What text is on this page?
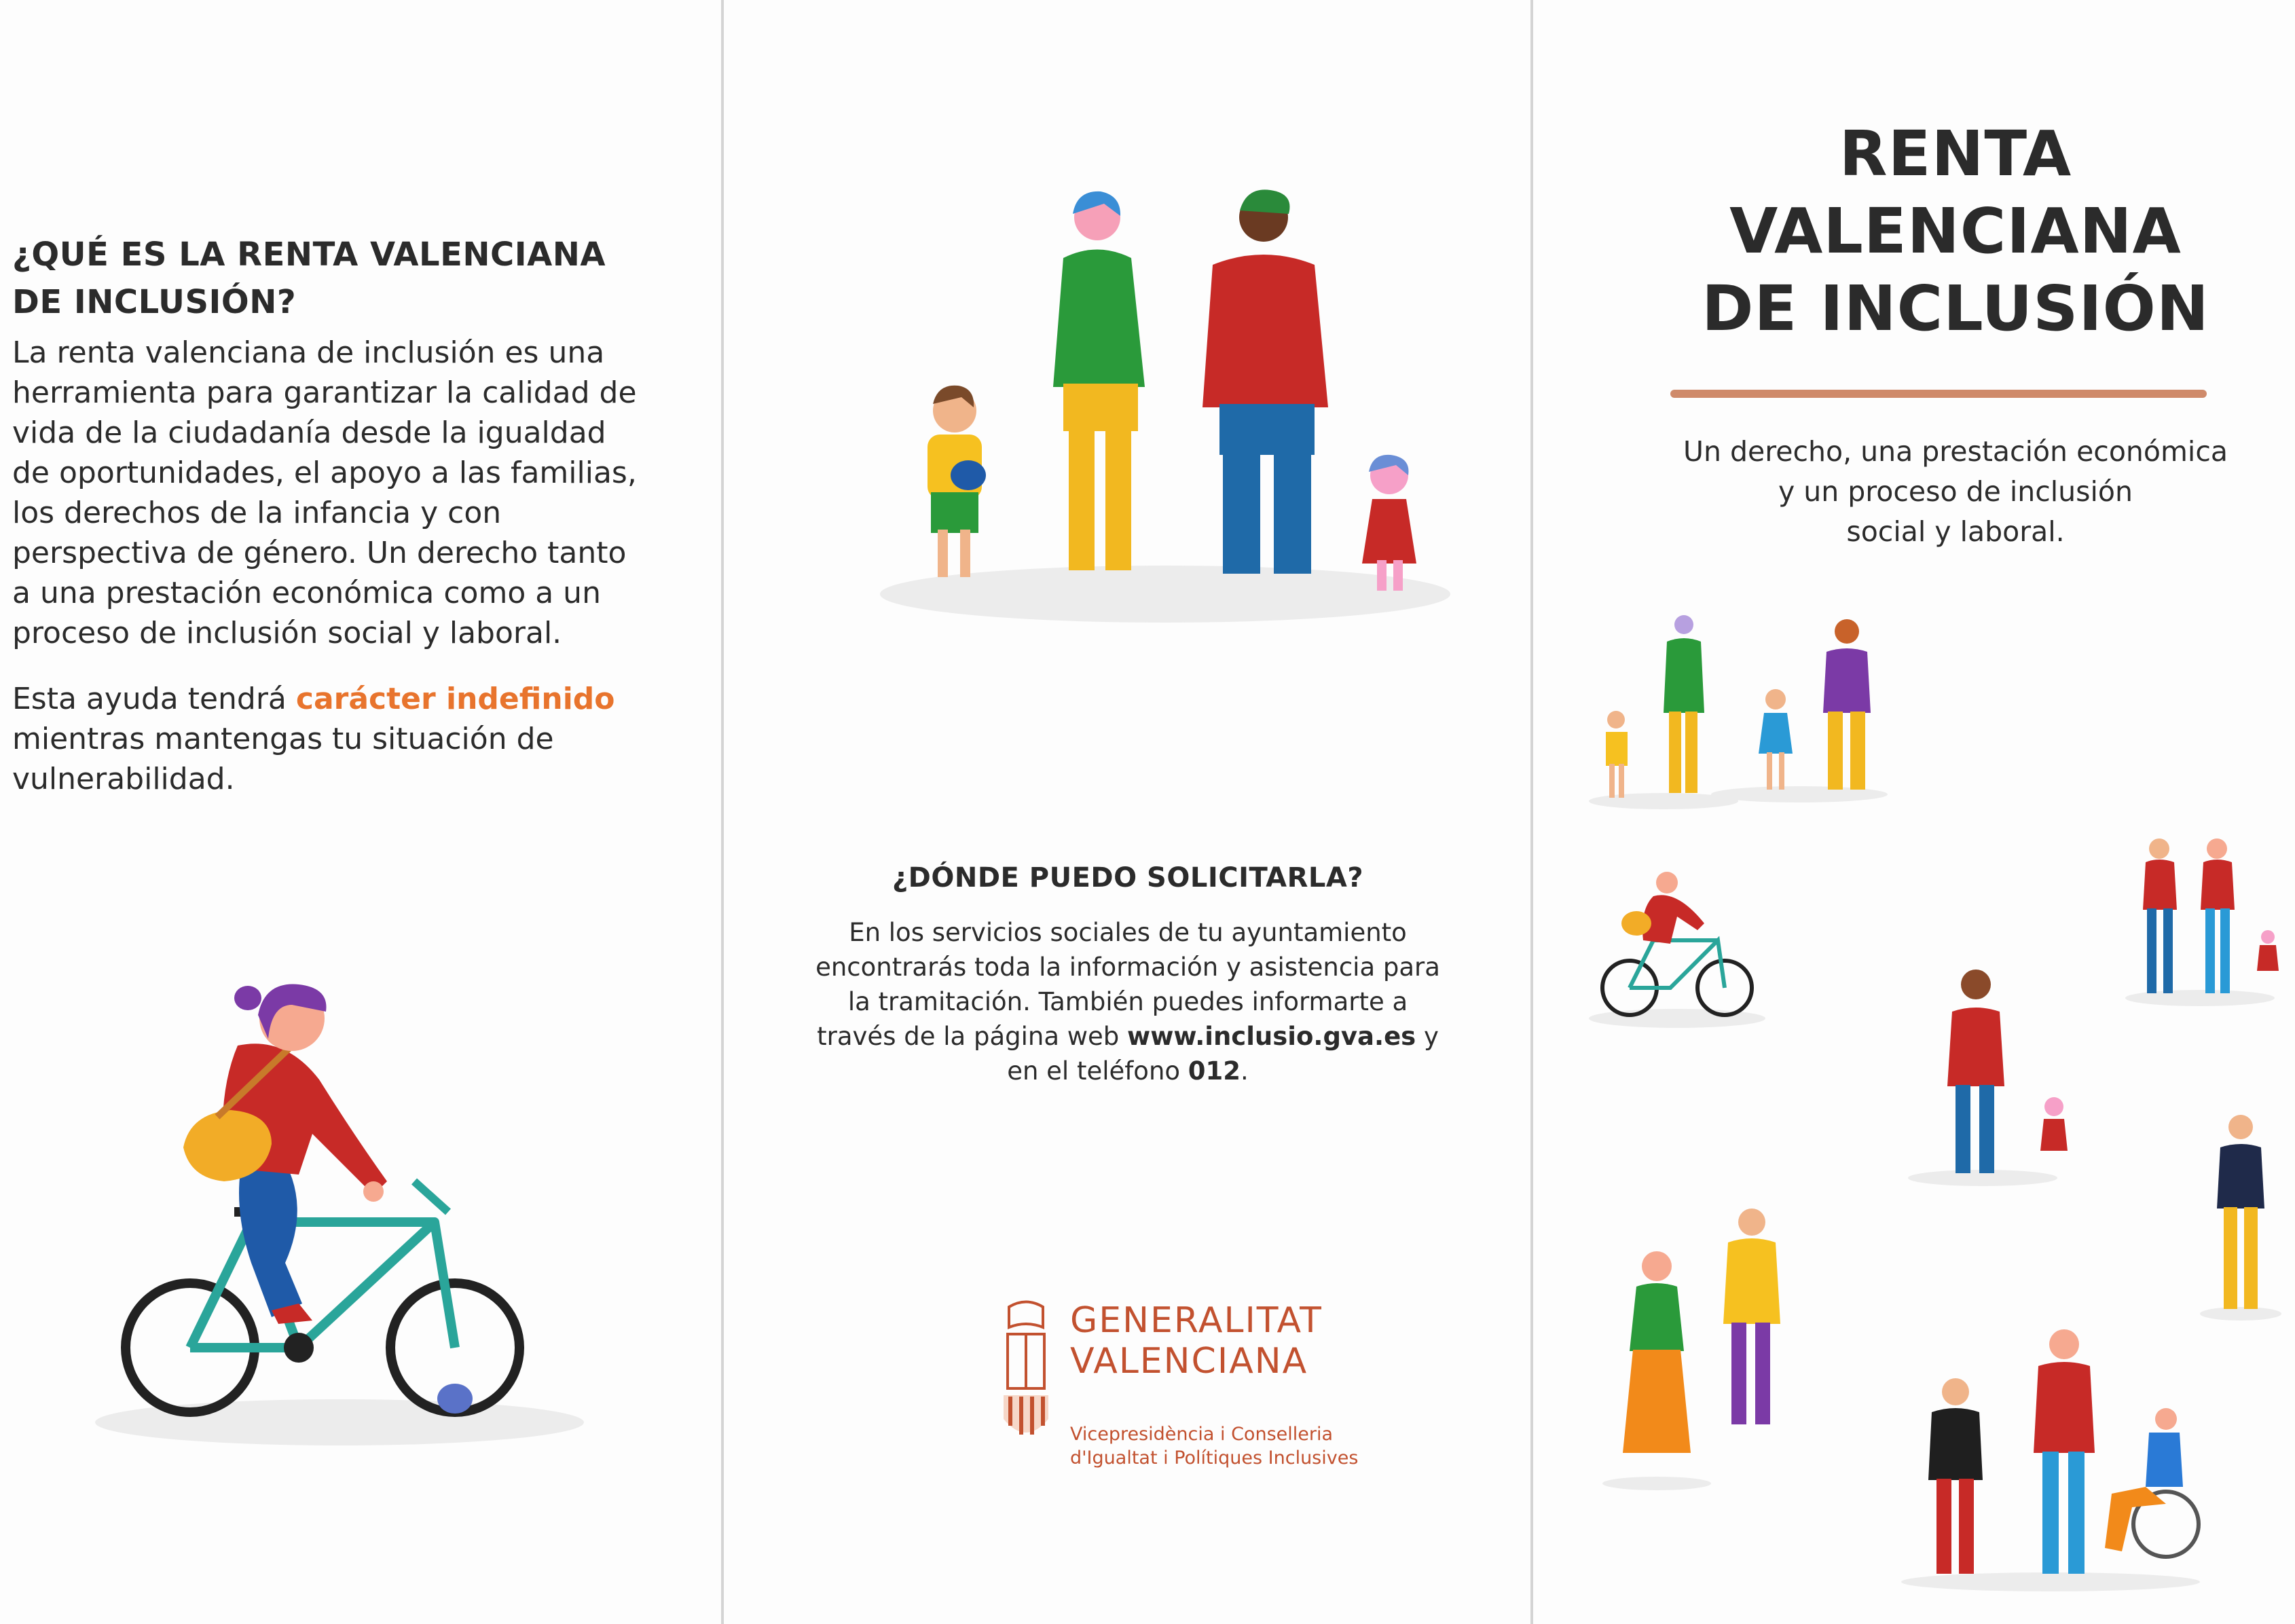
¿QUÉ ES LA RENTA VALENCIANA
DE INCLUSIÓN?
La renta valenciana de inclusión es una herramienta para garantizar la calidad de vida de la ciudadanía desde la igualdad de oportunidades, el apoyo a las familias, los derechos de la infancia y con perspectiva de género. Un derecho tanto a una prestación económica como a un proceso de inclusión social y laboral.
Esta ayuda tendrá carácter indefinido mientras mantengas tu situación de vulnerabilidad.
¿DÓNDE PUEDO SOLICITARLA?
En los servicios sociales de tu ayuntamiento encontrarás toda la información y asistencia para la tramitación. También puedes informarte a través de la página web www.inclusio.gva.es y en el teléfono 012.
GENERALITAT
VALENCIANA
Vicepresidència i Conselleria
d'Igualtat i Polítiques Inclusives
RENTA
VALENCIANA
DE INCLUSIÓN
Un derecho, una prestación económica
y un proceso de inclusión
social y laboral.
